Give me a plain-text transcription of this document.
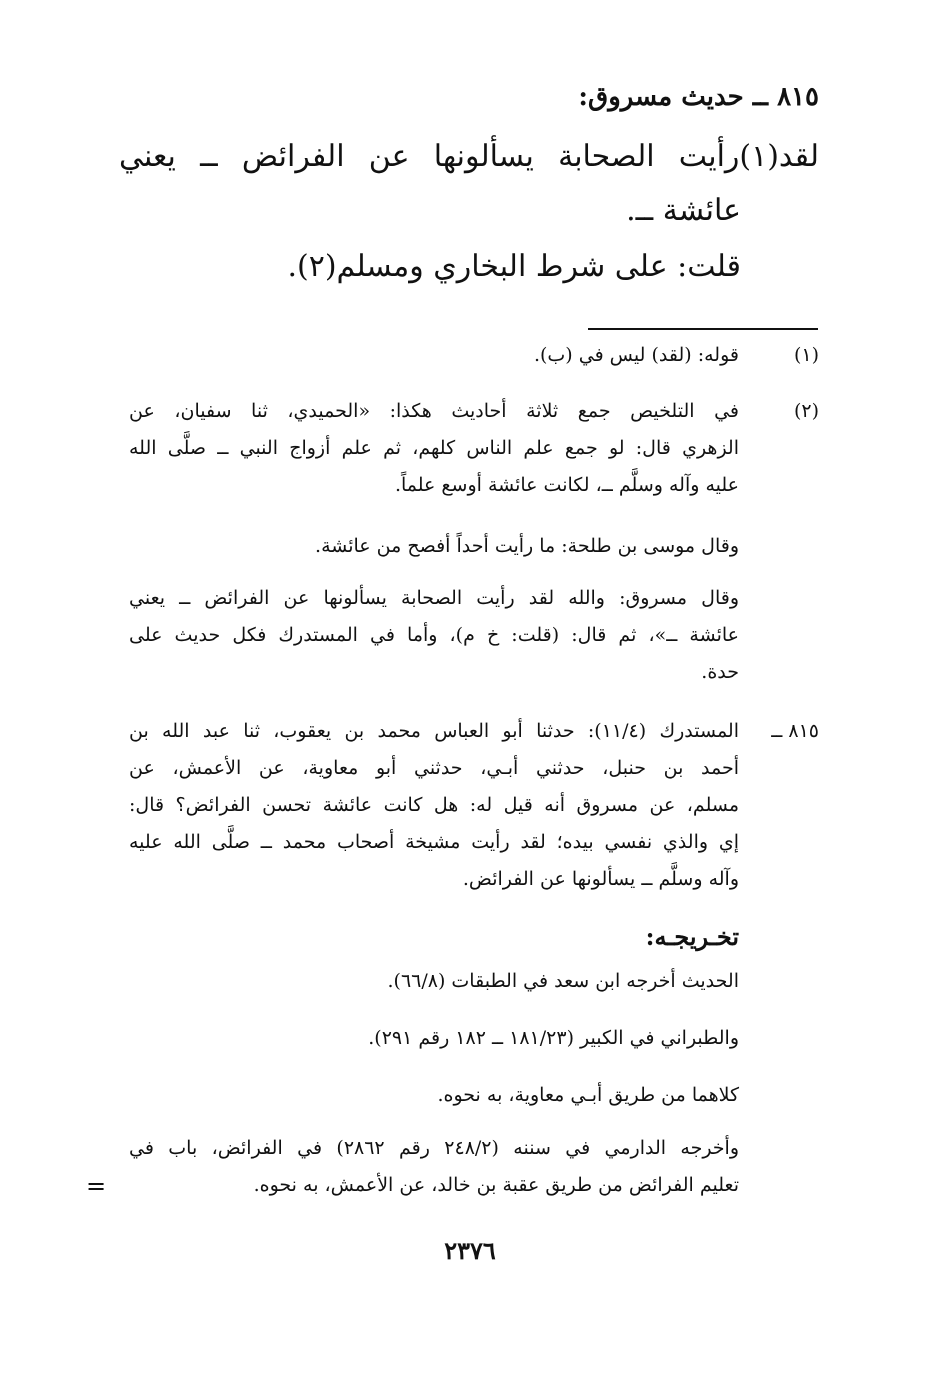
٨١٥ ــ حديث مسروق:
لقد(١)رأيت الصحابة يسألونها عن الفرائض ــ يعني
عائشة ــ.
قلت: على شرط البخاري ومسلم(٢).
(١)
قوله: (لقد) ليس في (ب).
(٢)
في التلخيص جمع ثلاثة أحاديث هكذا: «الحميدي، ثنا سفيان، عن
الزهري قال: لو جمع علم الناس كلهم، ثم علم أزواج النبي ــ صلَّى الله
عليه وآله وسلَّم ــ، لكانت عائشة أوسع علماً.
وقال موسى بن طلحة: ما رأيت أحداً أفصح من عائشة.
وقال مسروق: والله لقد رأيت الصحابة يسألونها عن الفرائض ــ يعني
عائشة ــ»، ثم قال: (قلت: خ م)، وأما في المستدرك فكل حديث على
حدة.
٨١٥ ــ
المستدرك (١١/٤): حدثنا أبو العباس محمد بن يعقوب، ثنا عبد الله بن
أحمد بن حنبل، حدثني أبـي، حدثني أبو معاوية، عن الأعمش، عن
مسلم، عن مسروق أنه قيل له: هل كانت عائشة تحسن الفرائض؟ قال:
إي والذي نفسي بيده؛ لقد رأيت مشيخة أصحاب محمد ــ صلَّى الله عليه
وآله وسلَّم ــ يسألونها عن الفرائض.
تخـريجـه:
الحديث أخرجه ابن سعد في الطبقات (٦٦/٨).
والطبراني في الكبير (١٨١/٢٣ ــ ١٨٢ رقم ٢٩١).
كلاهما من طريق أبـي معاوية، به نحوه.
وأخرجه الدارمي في سننه (٢٤٨/٢ رقم ٢٨٦٢) في الفرائض، باب في
تعليم الفرائض من طريق عقبة بن خالد، عن الأعمش، به نحوه.
=
٢٣٧٦
